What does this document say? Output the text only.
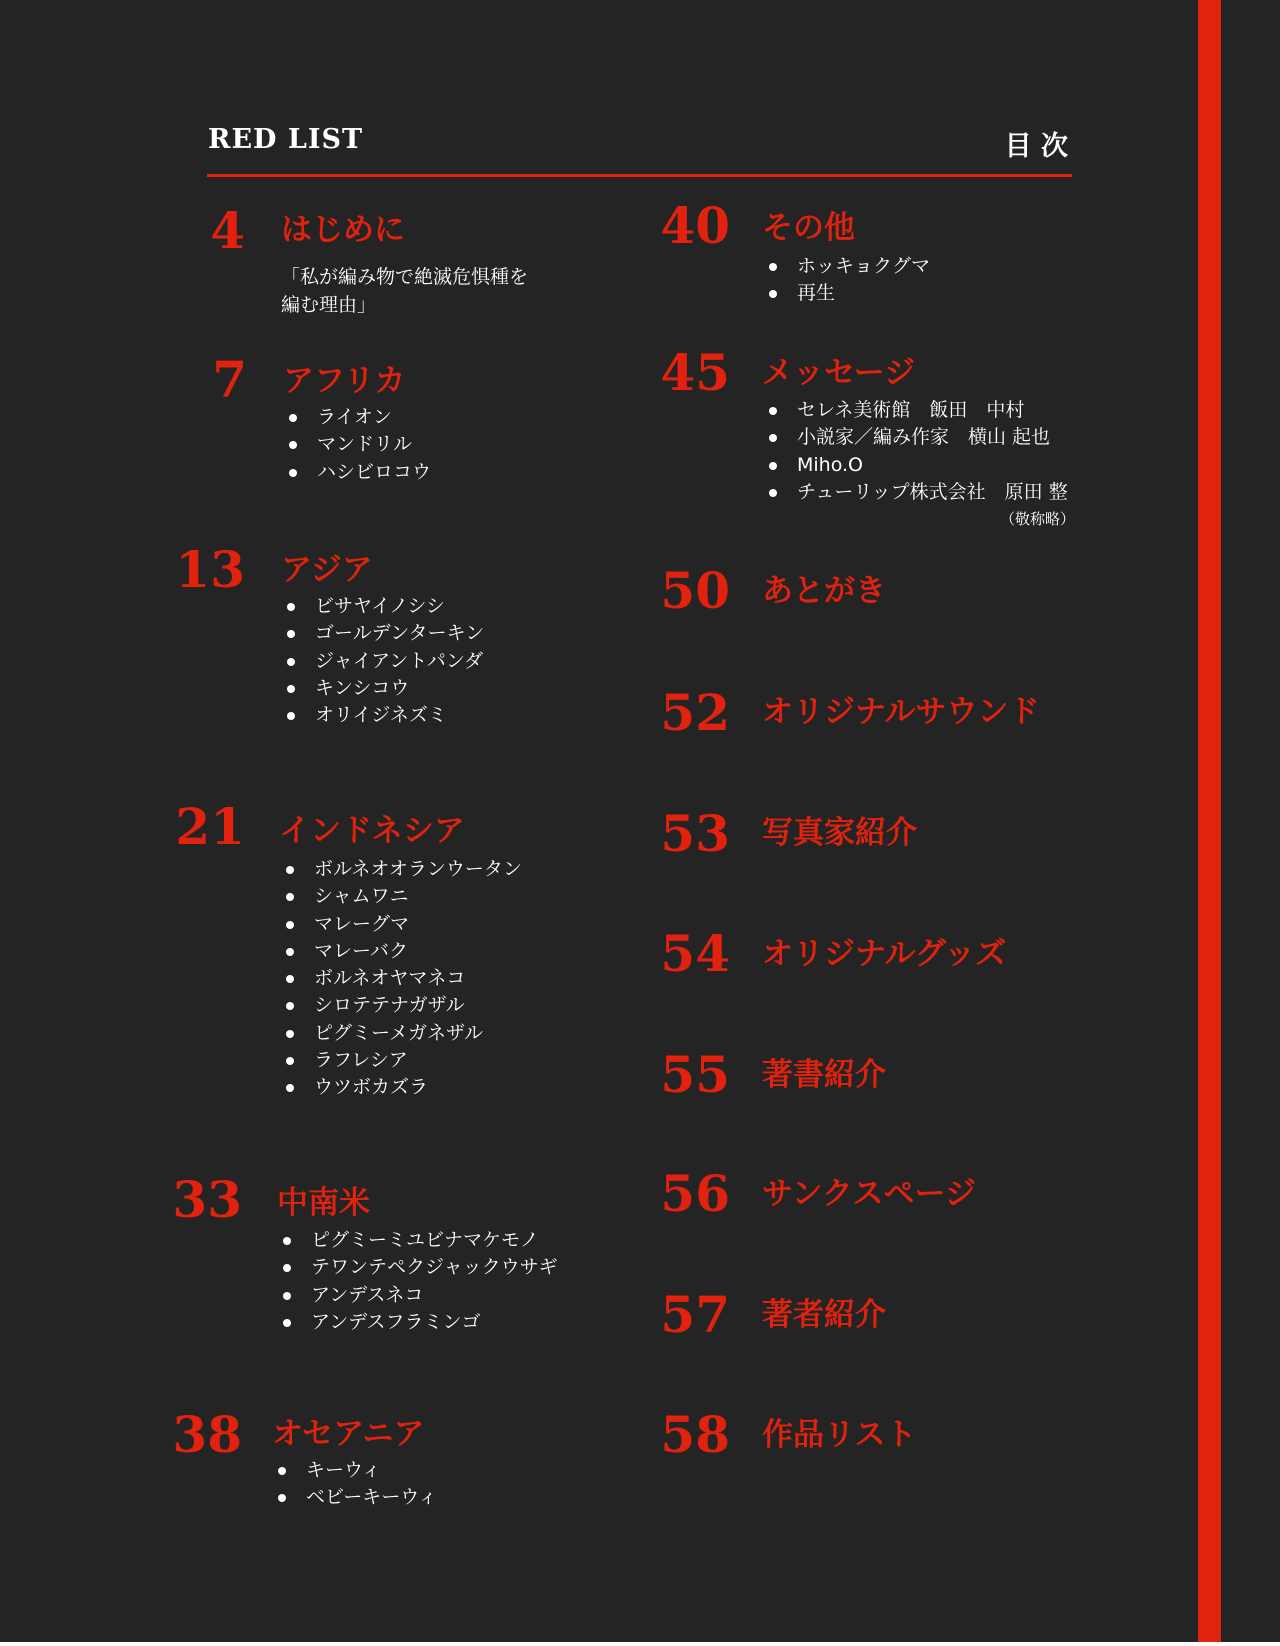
RED LIST	目 次
4 はじめに

「私が編み物で絶滅危惧種を
編む理由」

7 アフリカ
ライオン
マンドリル
ハシビロコウ
13 アジア
ビサヤイノシシ
ゴールデンターキン
ジャイアントパンダ
キンシコウ
オリイジネズミ
21 インドネシア
ボルネオオランウータン
シャムワニ
マレーグマ
マレーバク
ボルネオヤマネコ
シロテテナガザル
ピグミーメガネザル
ラフレシア
ウツボカズラ
33 中南米
ピグミーミユビナマケモノ
テワンテペクジャックウサギ
アンデスネコ
アンデスフラミンゴ
38 オセアニア
キーウィ
ベビーキーウィ
40 その他
ホッキョクグマ
再生
45 メッセージ
セレネ美術館　飯田　中村
小説家／編み作家　横山 起也
Miho.O
チューリップ株式会社　原田 整
（敬称略）
50 あとがき
52 オリジナルサウンド
53 写真家紹介
54 オリジナルグッズ
55 著書紹介
56 サンクスページ
57 著者紹介
58 作品リスト
